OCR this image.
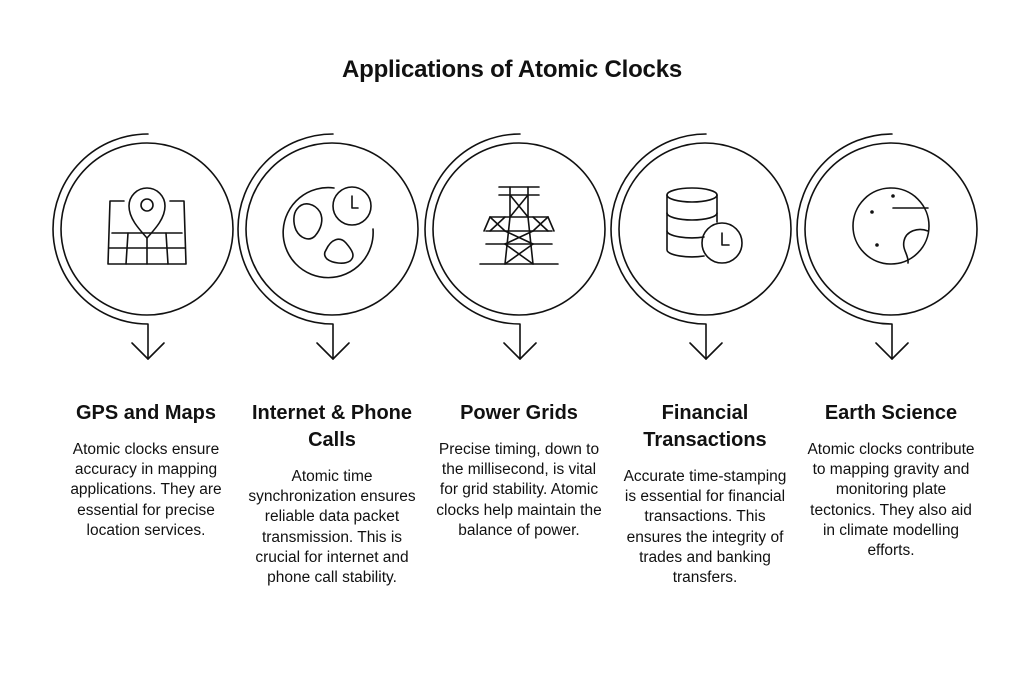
Applications of Atomic Clocks

GPS and Maps

Atomic clocks ensure accuracy in mapping applications. They are essential for precise location services.

Internet & Phone Calls

Atomic time synchronization ensures reliable data packet transmission. This is crucial for internet and phone call stability.

Power Grids

Precise timing, down to the millisecond, is vital for grid stability. Atomic clocks help maintain the balance of power.

Financial Transactions

Accurate time-stamping is essential for financial transactions. This ensures the integrity of trades and banking transfers.

Earth Science

Atomic clocks contribute to mapping gravity and monitoring plate tectonics. They also aid in climate modelling efforts.
